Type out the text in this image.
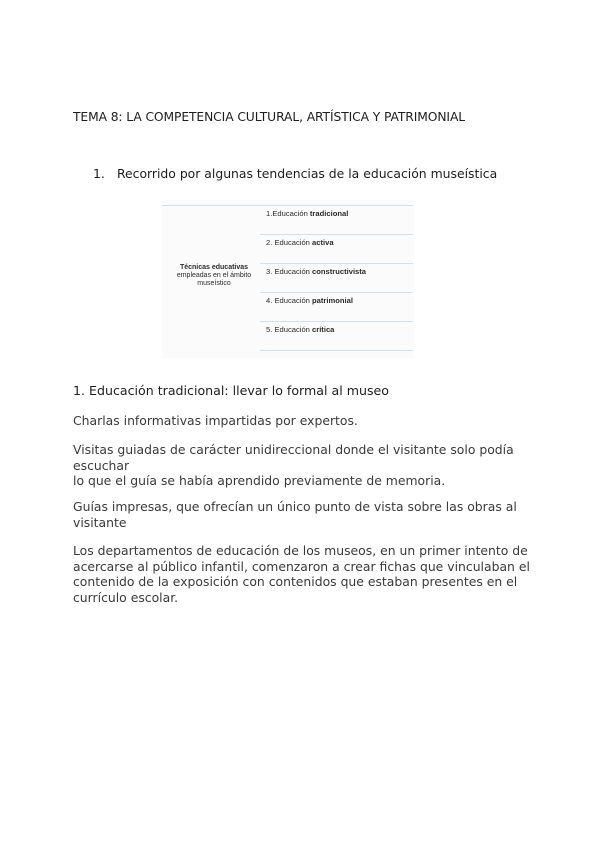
TEMA 8: LA COMPETENCIA CULTURAL, ARTÍSTICA Y PATRIMONIAL
1. Recorrido por algunas tendencias de la educación museística
Técnicas educativas
empleadas en el ámbito museístico
1.Educación tradicional
2. Educación activa
3. Educación constructivista
4. Educación patrimonial
5. Educación crítica
1. Educación tradicional: llevar lo formal al museo
Charlas informativas impartidas por expertos.
Visitas guiadas de carácter unidireccional donde el visitante solo podía escuchar
lo que el guía se había aprendido previamente de memoria.
Guías impresas, que ofrecían un único punto de vista sobre las obras al visitante
Los departamentos de educación de los museos, en un primer intento de acercarse al público infantil, comenzaron a crear fichas que vinculaban el contenido de la exposición con contenidos que estaban presentes en el currículo escolar.
